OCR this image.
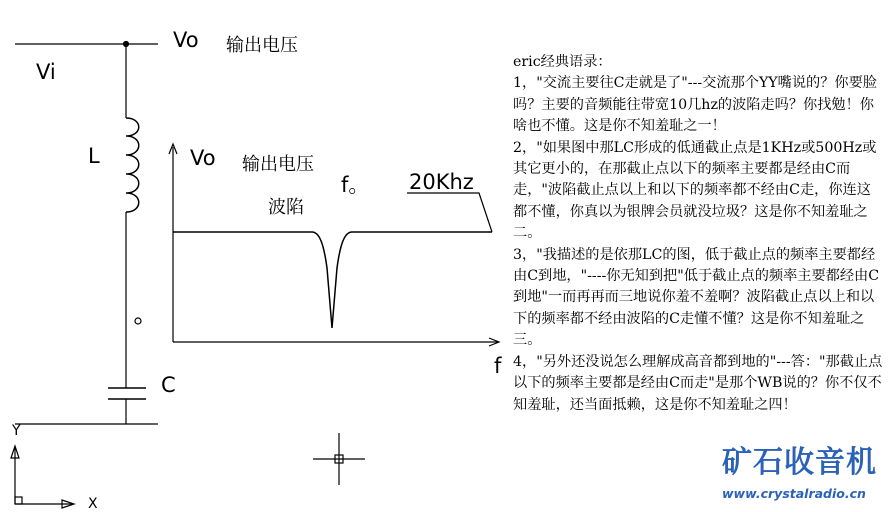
Vo 输出电压
Vi
L
C
Vo 输出电压
波陷
f。 20Khz
f
Y
X

eric经典语录：

1，"交流主要往C走就是了"---交流那个YY嘴说的？你要脸吗？主要的音频能往带宽10几hz的波陷走吗？你找勉！你啥也不懂。这是你不知羞耻之一！

2，"如果图中那LC形成的低通截止点是1KHz或500Hz或其它更小的，在那截止点以下的频率主要都是经由C而走，"波陷截止点以上和以下的频率都不经由C走，你连这都不懂，你真以为银牌会员就没垃圾？这是你不知羞耻之二。

3，"我描述的是依那LC的图，低于截止点的频率主要都经由C到地，"----你无知到把"低于截止点的频率主要都经由C到地"一而再再而三地说你羞不羞啊？波陷截止点以上和以下的频率都不经由波陷的C走懂不懂？这是你不知羞耻之三。

4，"另外还没说怎么理解成高音都到地的"---答："那截止点以下的频率主要都是经由C而走"是那个WB说的？你不仅不知羞耻，还当面抵赖，这是你不知羞耻之四！

矿石收音机
www.crystalradio.cn
